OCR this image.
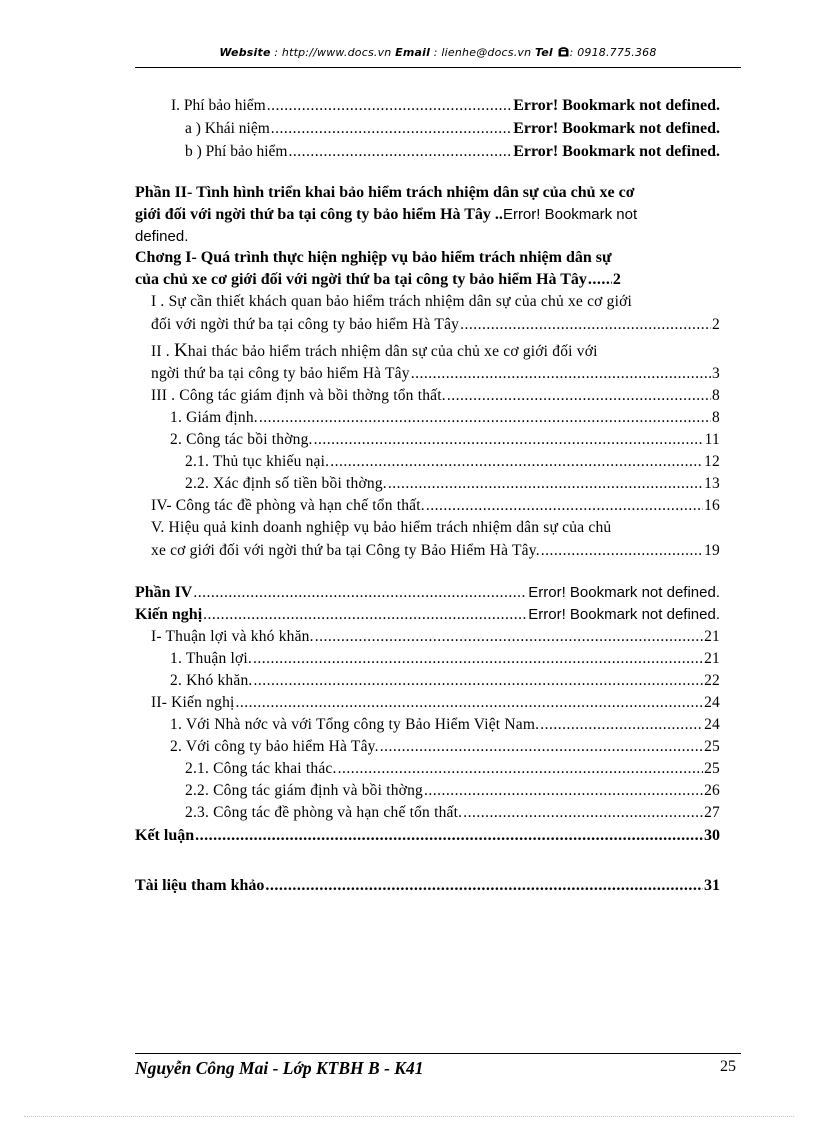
Website : http://www.docs.vn Email : lienhe@docs.vn Tel : 0918.775.368
I. Phí bảo hiểm .....	Error! Bookmark not defined.
a ) Khái niệm .....	Error! Bookmark not defined.
b ) Phí bảo hiểm .....	Error! Bookmark not defined.
Phần II- Tình hình triển khai bảo hiểm trách nhiệm dân sự của chủ xe cơ
giới đối với ngời thứ ba tại công ty bảo hiểm Hà Tây ..Error! Bookmark not
defined.
Chơng I- Quá trình thực hiện nghiệp vụ bảo hiểm trách nhiệm dân sự
của chủ xe cơ giới đối với ngời thứ ba tại công ty bảo hiểm Hà Tây ..... 2
I . Sự cần thiết khách quan bảo hiểm trách nhiệm dân sự của chủ xe cơ giới
đối với ngời thứ ba tại công ty bảo hiểm Hà Tây .....	2
II . Khai thác bảo hiểm trách nhiệm dân sự của chủ xe cơ giới đối với
ngời thứ ba tại công ty bảo hiểm Hà Tây .....	3
III . Công tác giám định và bồi thờng tổn thất. .....	8
1. Giám định. .....	8
2. Công tác bồi thờng. .....	11
2.1. Thủ tục khiếu nại. .....	12
2.2. Xác định số tiền bồi thờng. .....	13
IV- Công tác đề phòng và hạn chế tổn thất. .....	16
V. Hiệu quả kinh doanh nghiệp vụ bảo hiểm trách nhiệm dân sự của chủ
xe cơ giới đối với ngời thứ ba tại Công ty Bảo Hiểm Hà Tây. .....	19
Phần IV .....	Error! Bookmark not defined.
Kiến nghị .....	Error! Bookmark not defined.
I- Thuận lợi và khó khăn. .....	21
1. Thuận lợi. .....	21
2. Khó khăn. .....	22
II- Kiến nghị .....	24
1. Với Nhà nớc và với Tổng công ty Bảo Hiểm Việt Nam. .....	24
2. Với công ty bảo hiểm Hà Tây. .....	25
2.1. Công tác khai thác. .....	25
2.2. Công tác giám định và bồi thờng .....	26
2.3. Công tác đề phòng và hạn chế tổn thất. .....	27
Kết luận .....	30
Tài liệu tham khảo .....	31
Nguyễn Công Mai - Lớp KTBH B - K41	25
